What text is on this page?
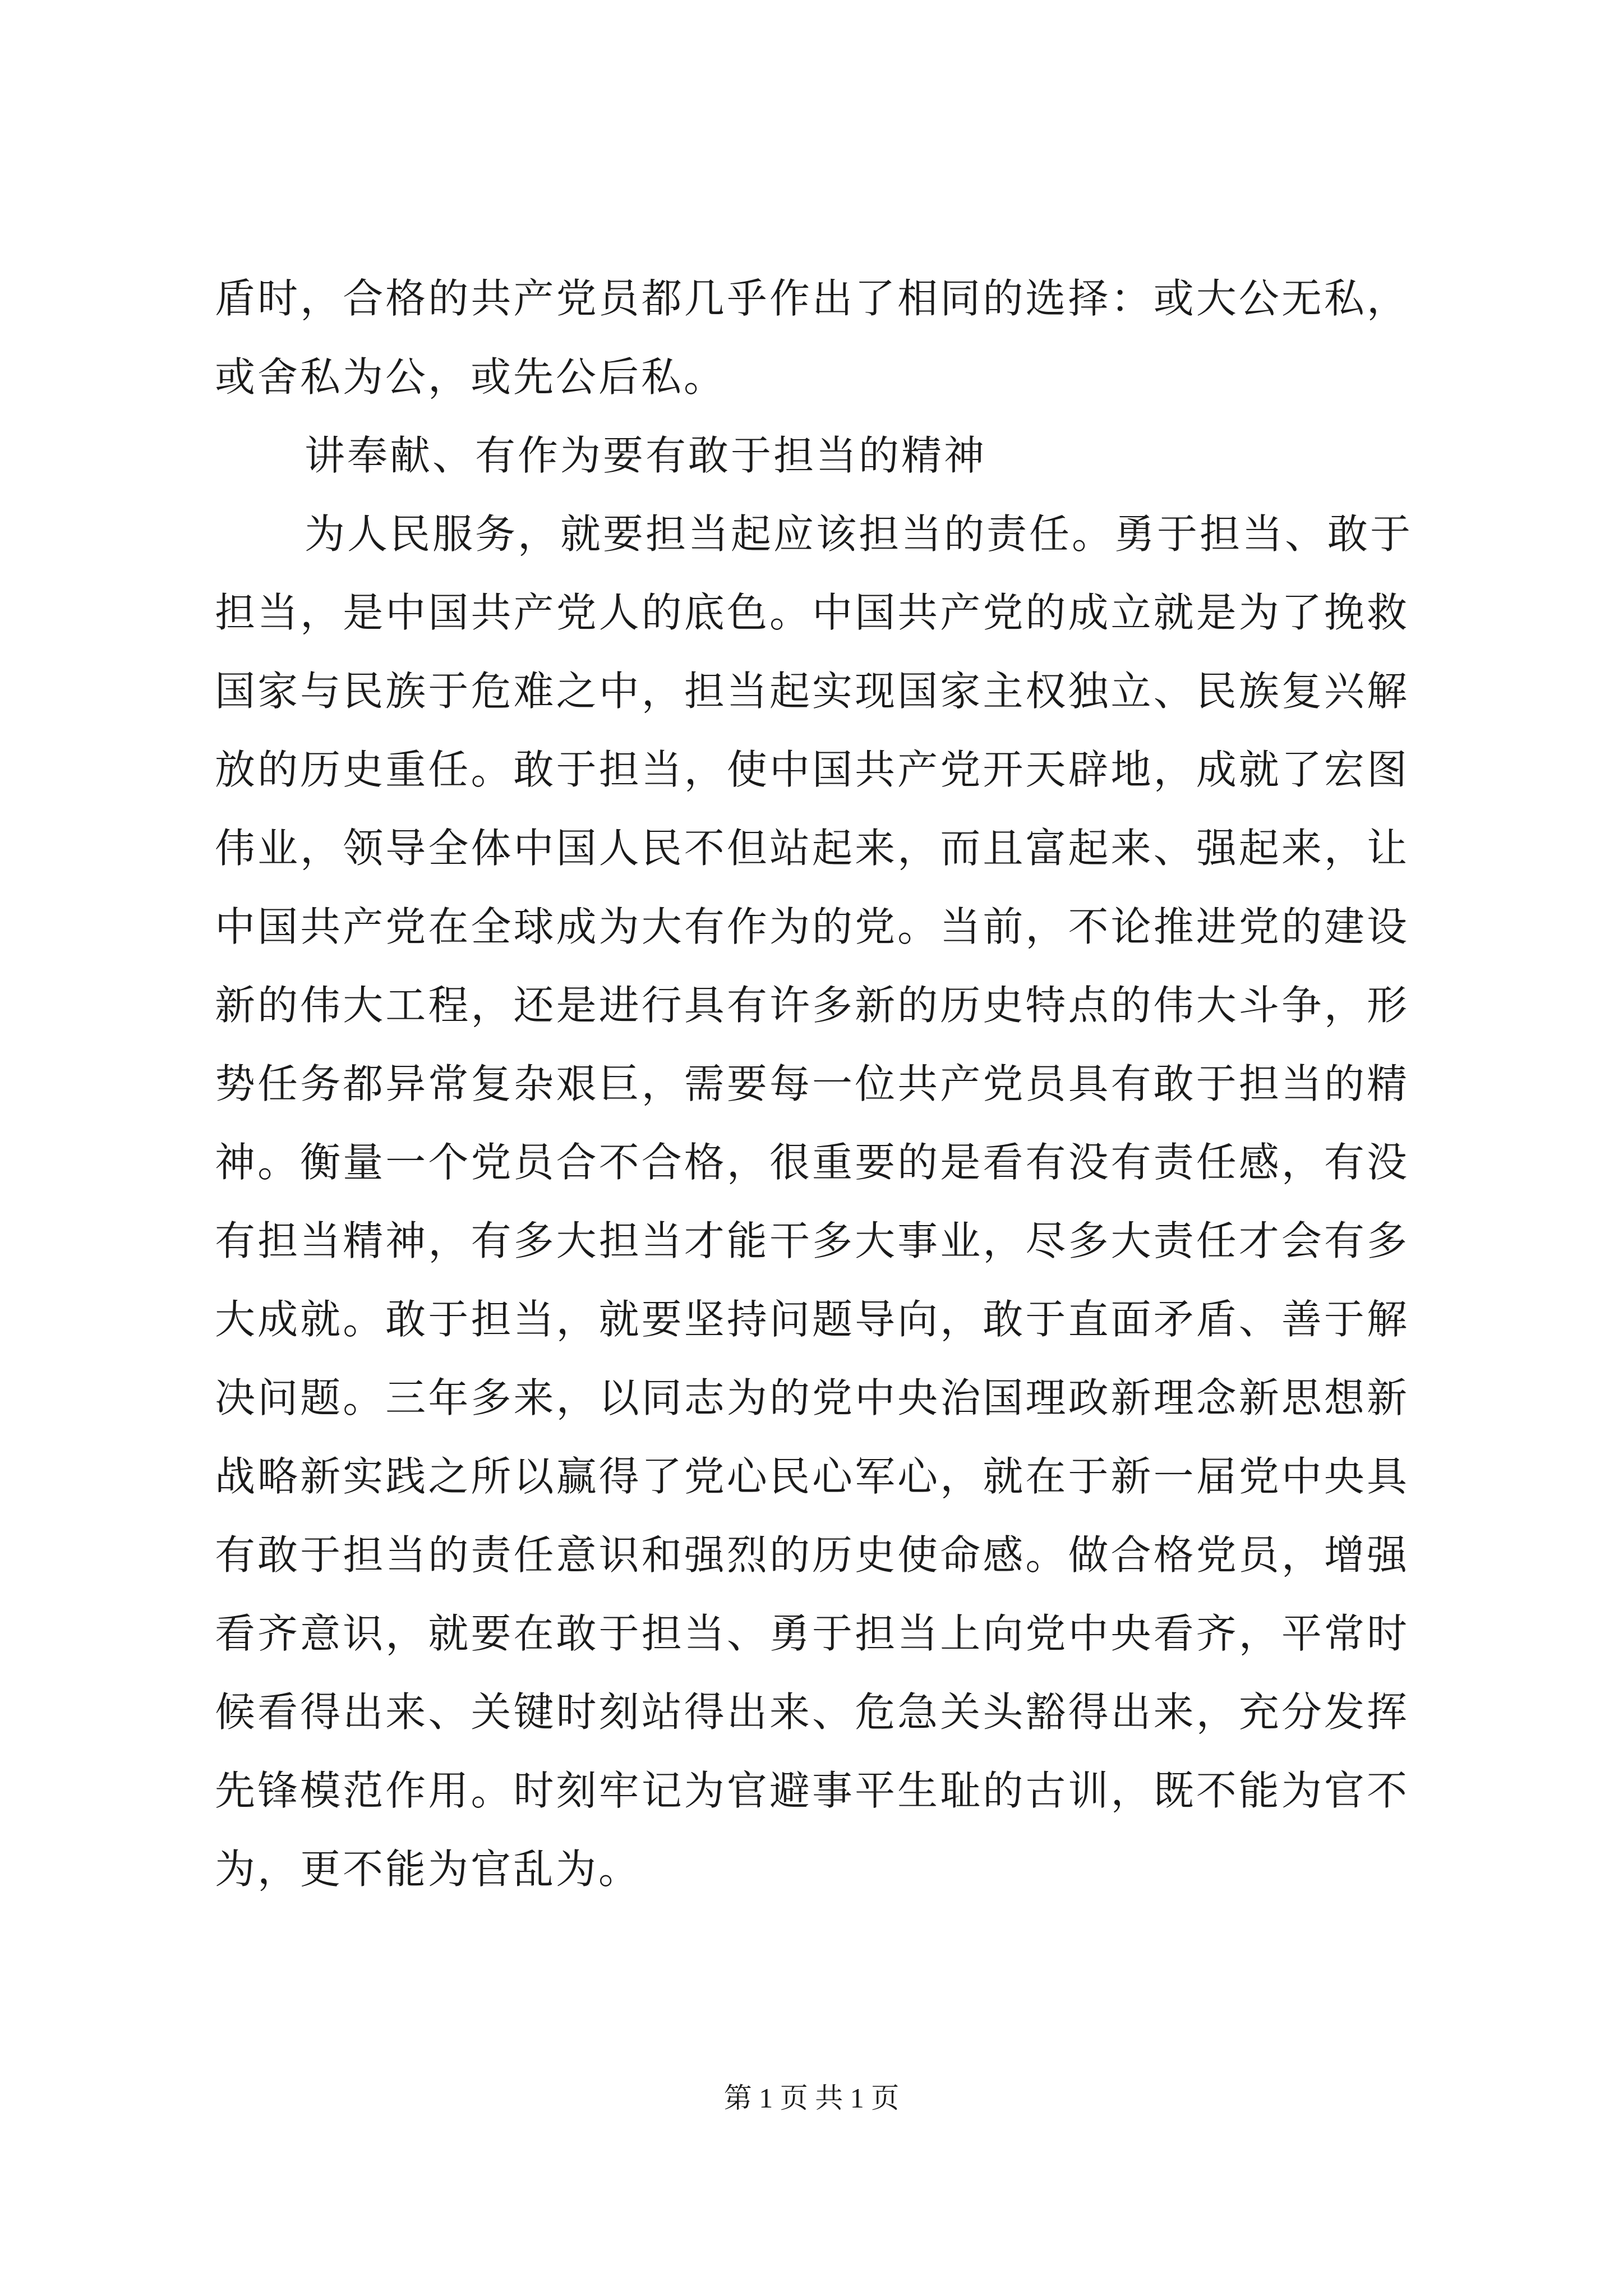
盾时，合格的共产党员都几乎作出了相同的选择：或大公无私，
或舍私为公，或先公后私。
讲奉献、有作为要有敢于担当的精神
为人民服务，就要担当起应该担当的责任。勇于担当、敢于
担当，是中国共产党人的底色。中国共产党的成立就是为了挽救
国家与民族于危难之中，担当起实现国家主权独立、民族复兴解
放的历史重任。敢于担当，使中国共产党开天辟地，成就了宏图
伟业，领导全体中国人民不但站起来，而且富起来、强起来，让
中国共产党在全球成为大有作为的党。当前，不论推进党的建设
新的伟大工程，还是进行具有许多新的历史特点的伟大斗争，形
势任务都异常复杂艰巨，需要每一位共产党员具有敢于担当的精
神。衡量一个党员合不合格，很重要的是看有没有责任感，有没
有担当精神，有多大担当才能干多大事业，尽多大责任才会有多
大成就。敢于担当，就要坚持问题导向，敢于直面矛盾、善于解
决问题。三年多来，以同志为的党中央治国理政新理念新思想新
战略新实践之所以赢得了党心民心军心，就在于新一届党中央具
有敢于担当的责任意识和强烈的历史使命感。做合格党员，增强
看齐意识，就要在敢于担当、勇于担当上向党中央看齐，平常时
候看得出来、关键时刻站得出来、危急关头豁得出来，充分发挥
先锋模范作用。时刻牢记为官避事平生耻的古训，既不能为官不
为，更不能为官乱为。
第 1 页 共 1 页
